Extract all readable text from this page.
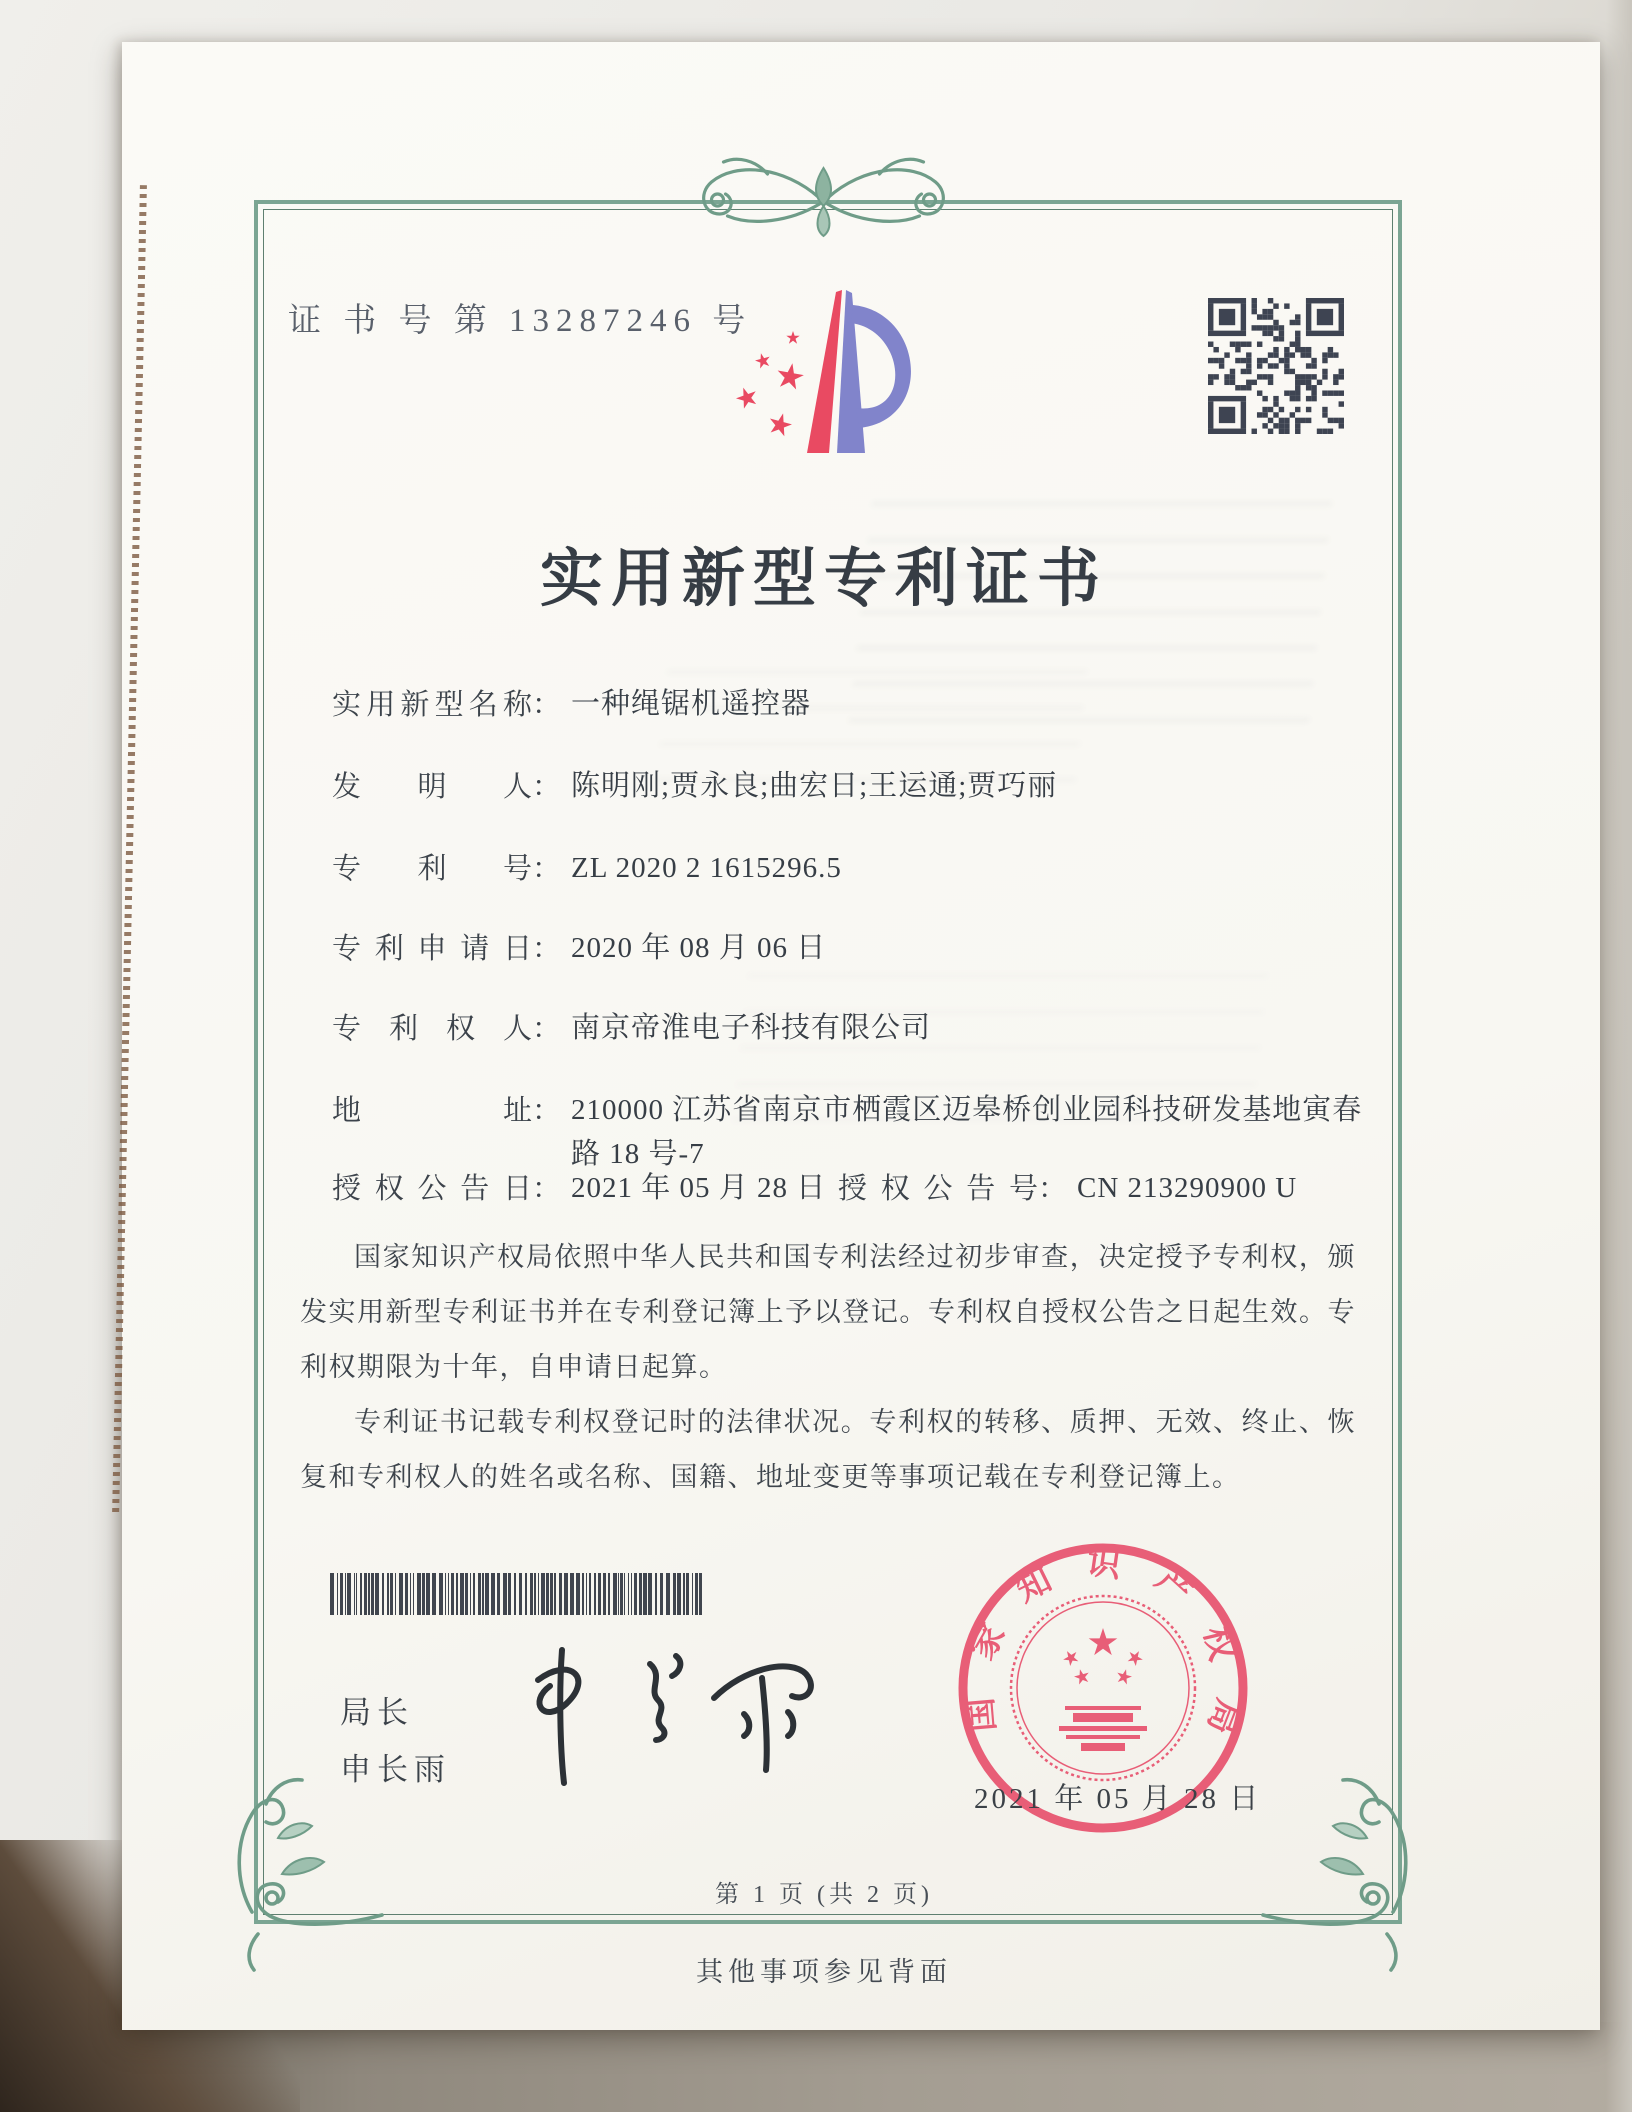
证 书 号 第 13287246 号
实用新型专利证书
实用新型名称 ： 一种绳锯机遥控器
发明人 ： 陈明刚;贾永良;曲宏日;王运通;贾巧丽
专利号 ： ZL 2020 2 1615296.5
专利申请日 ： 2020 年 08 月 06 日
专利权人 ： 南京帝淮电子科技有限公司
地址 ： 210000 江苏省南京市栖霞区迈皋桥创业园科技研发基地寅春路 18 号-7
授权公告日 ： 2021 年 05 月 28 日 授权公告号 ： CN 213290900 U

国家知识产权局依照中华人民共和国专利法经过初步审查，决定授予专利权，颁发实用新型专利证书并在专利登记簿上予以登记。专利权自授权公告之日起生效。专利权期限为十年，自申请日起算。

专利证书记载专利权登记时的法律状况。专利权的转移、质押、无效、终止、恢复和专利权人的姓名或名称、国籍、地址变更等事项记载在专利登记簿上。

局长
申长雨
国家知识产权局
2021 年 05 月 28 日
第 1 页 (共 2 页)
其他事项参见背面
